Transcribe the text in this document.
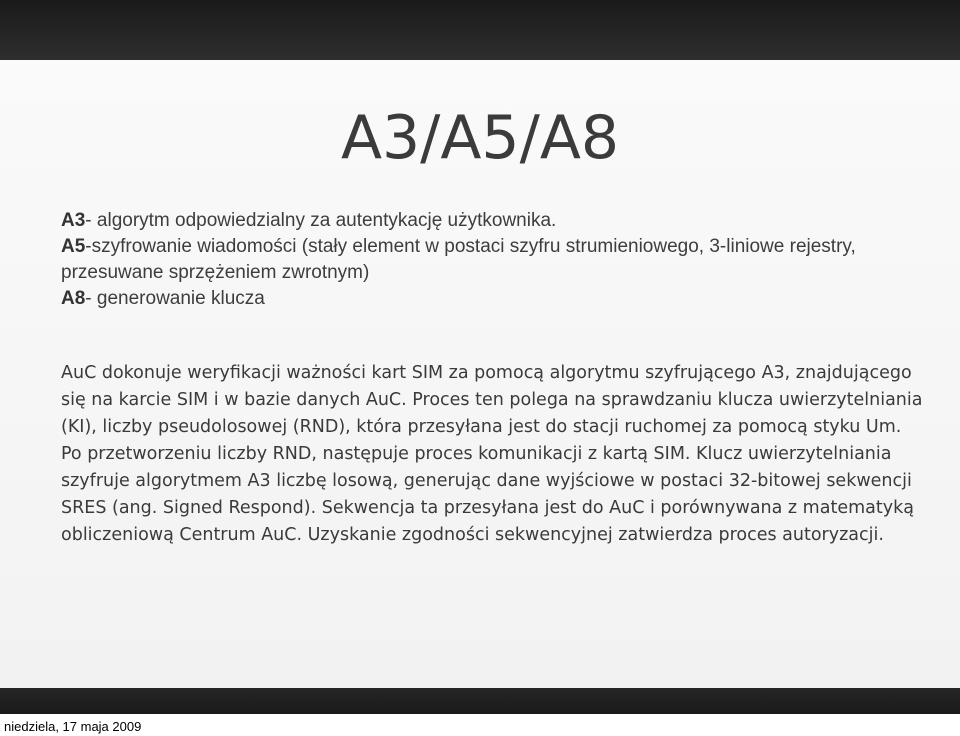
A3/A5/A8
A3- algorytm odpowiedzialny za autentykację użytkownika.
A5-szyfrowanie wiadomości (stały element w postaci szyfru strumieniowego, 3-liniowe rejestry, przesuwane sprzężeniem zwrotnym)
A8- generowanie klucza

AuC dokonuje weryfikacji ważności kart SIM za pomocą algorytmu szyfrującego A3, znajdującego się na karcie SIM i w bazie danych AuC. Proces ten polega na sprawdzaniu klucza uwierzytelniania (KI), liczby pseudolosowej (RND), która przesyłana jest do stacji ruchomej za pomocą styku Um. Po przetworzeniu liczby RND, następuje proces komunikacji z kartą SIM. Klucz uwierzytelniania szyfruje algorytmem A3 liczbę losową, generując dane wyjściowe w postaci 32-bitowej sekwencji SRES (ang. Signed Respond). Sekwencja ta przesyłana jest do AuC i porównywana z matematyką obliczeniową Centrum AuC. Uzyskanie zgodności sekwencyjnej zatwierdza proces autoryzacji.

niedziela, 17 maja 2009
